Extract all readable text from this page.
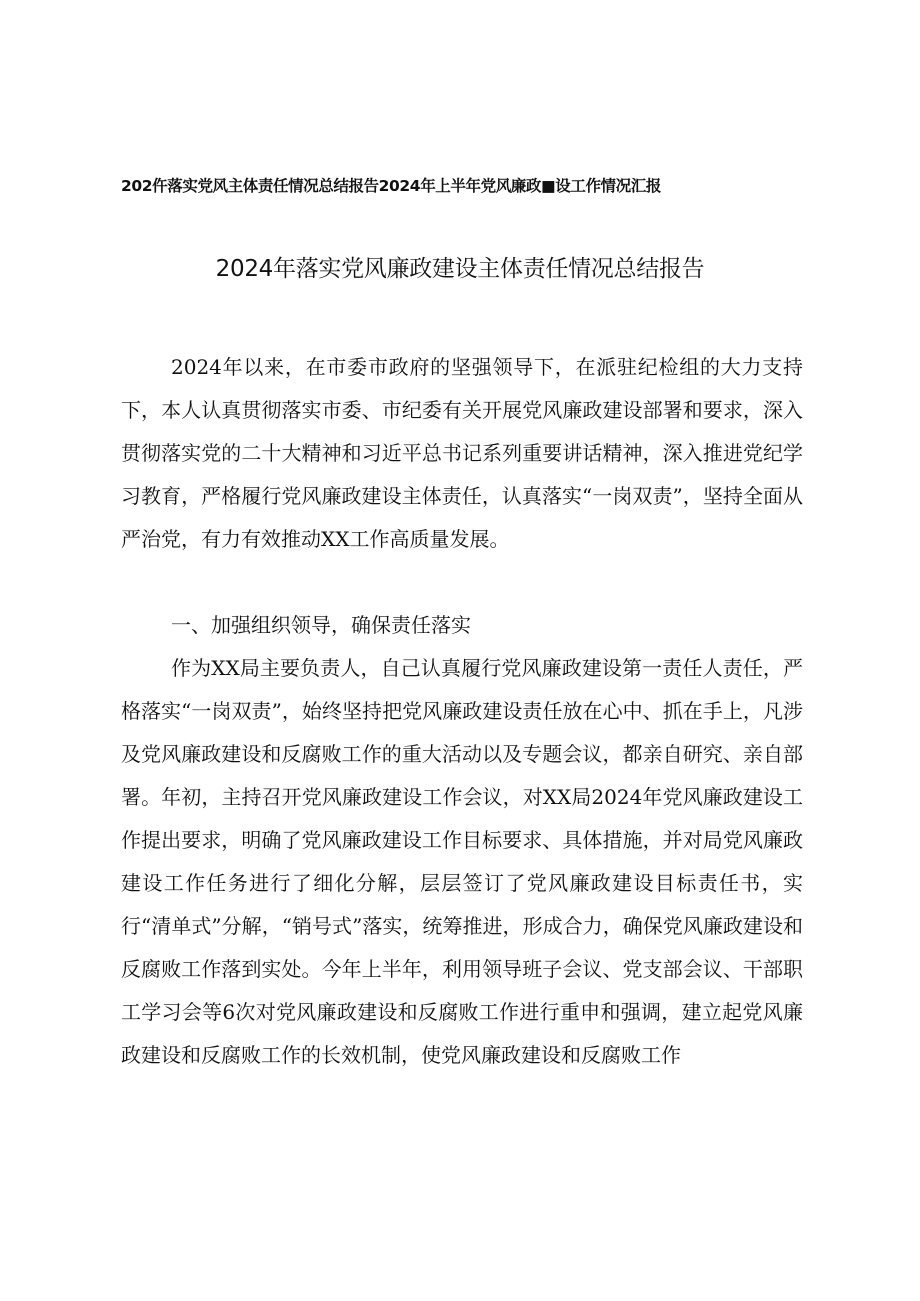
202仵落实党风主体责任情况总结报告2024年上半年党风廉政■设工作情况汇报
2024年落实党风廉政建设主体责任情况总结报告

2024年以来，在市委市政府的坚强领导下，在派驻纪检组的大力支持下，本人认真贯彻落实市委、市纪委有关开展党风廉政建设部署和要求，深入贯彻落实党的二十大精神和习近平总书记系列重要讲话精神，深入推进党纪学习教育，严格履行党风廉政建设主体责任，认真落实“一岗双责”，坚持全面从严治党，有力有效推动XX工作高质量发展。

一、加强组织领导，确保责任落实

作为XX局主要负责人，自己认真履行党风廉政建设第一责任人责任，严格落实“一岗双责”，始终坚持把党风廉政建设责任放在心中、抓在手上，凡涉及党风廉政建设和反腐败工作的重大活动以及专题会议，都亲自研究、亲自部署。年初，主持召开党风廉政建设工作会议，对XX局2024年党风廉政建设工作提出要求，明确了党风廉政建设工作目标要求、具体措施，并对局党风廉政建设工作任务进行了细化分解，层层签订了党风廉政建设目标责任书，实行“清单式”分解，“销号式”落实，统筹推进，形成合力，确保党风廉政建设和反腐败工作落到实处。今年上半年，利用领导班子会议、党支部会议、干部职工学习会等6次对党风廉政建设和反腐败工作进行重申和强调，建立起党风廉政建设和反腐败工作的长效机制，使党风廉政建设和反腐败工作
